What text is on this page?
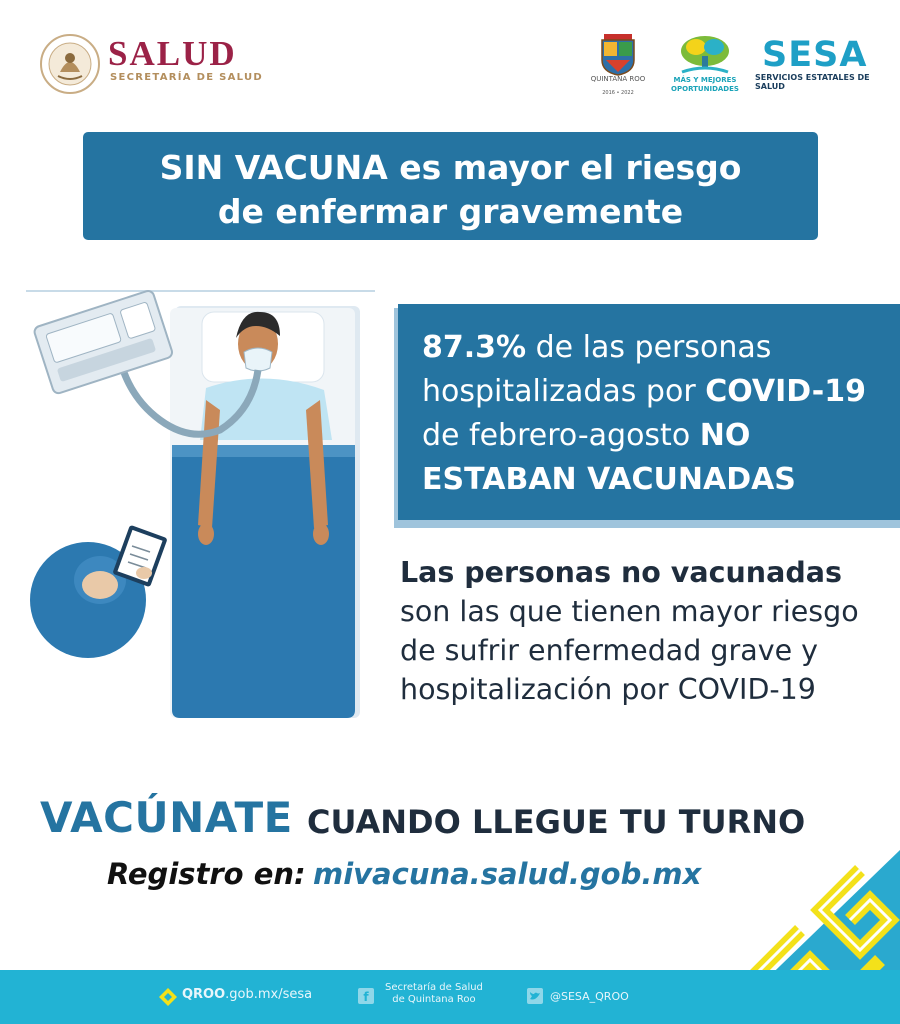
SALUD
SECRETARÍA DE SALUD	QUINTANA ROO
2016 • 2022
MÁS Y MEJORES
OPORTUNIDADES
SESA
SERVICIOS ESTATALES DE SALUD
SIN VACUNA es mayor el riesgo
de enfermar gravemente
87.3% de las personas
hospitalizadas por COVID-19
de febrero-agosto NO
ESTABAN VACUNADAS
Las personas no vacunadas
son las que tienen mayor riesgo
de sufrir enfermedad grave y
hospitalización por COVID-19
VACÚNATE CUANDO LLEGUE TU TURNO
Registro en: mivacuna.salud.gob.mx
QROO.gob.mx/sesa	f
Secretaría de Salud
de Quintana Roo	@SESA_QROO
